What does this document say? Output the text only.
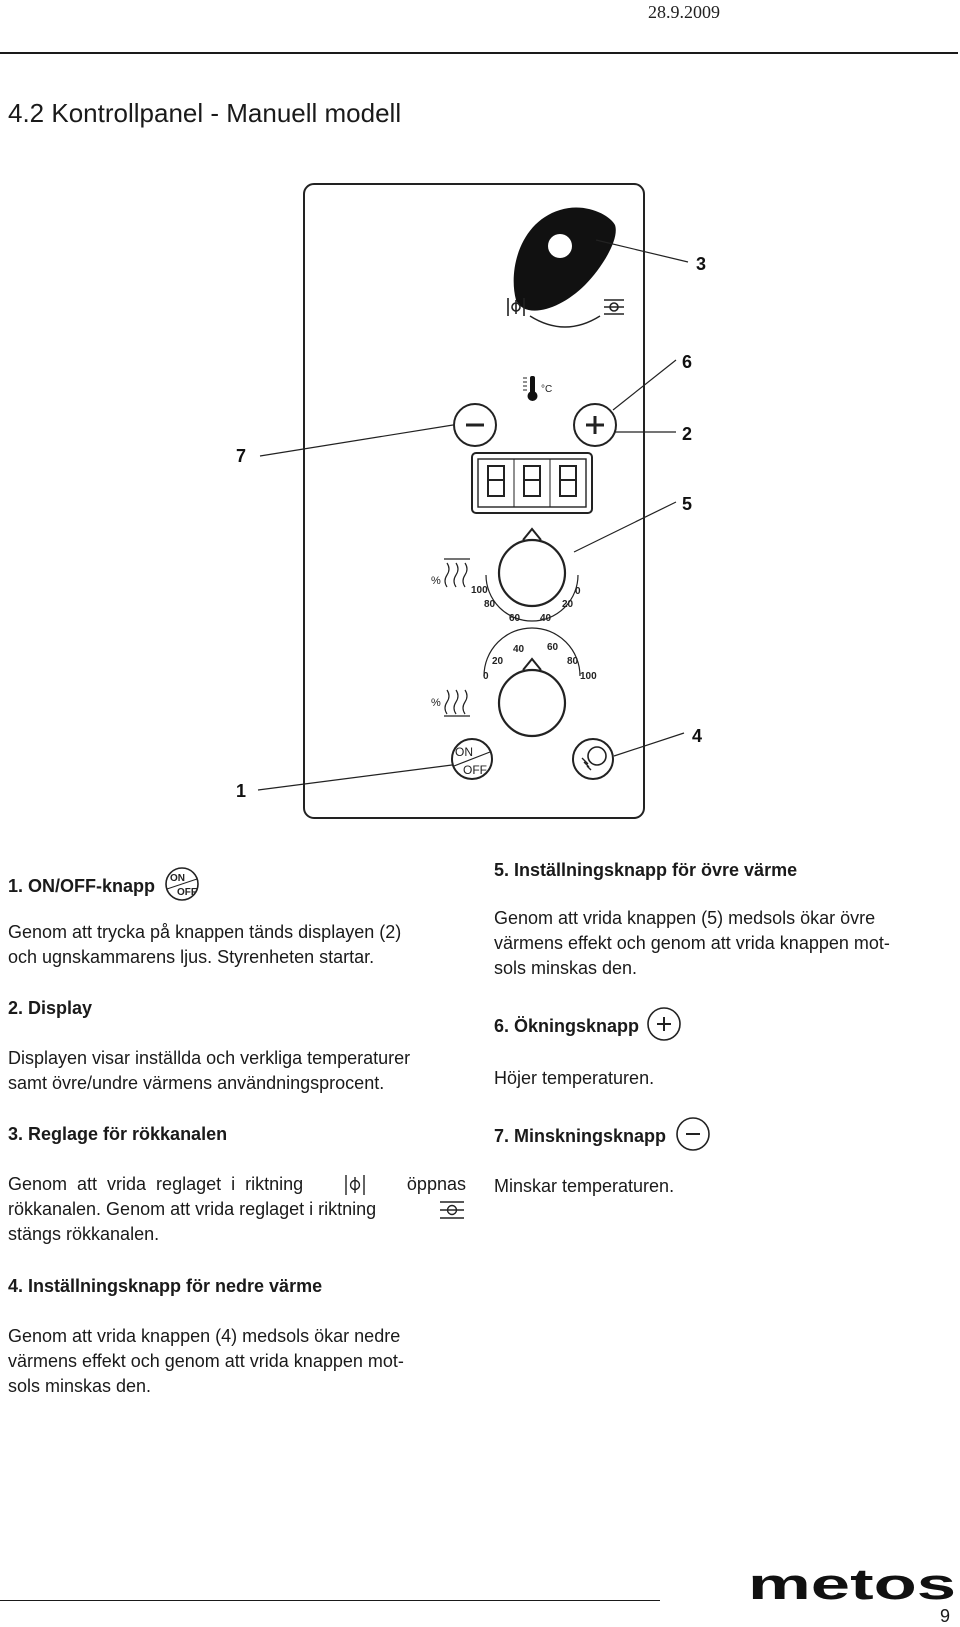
28.9.2009
4.2 Kontrollpanel - Manuell modell
°C
%
100
80
60 40
20
0
0
20
40 60
80
100
%
ON
OFF
3
6
2
5
7
4
1
1. ON/OFF-knapp ON
OFF
Genom att trycka på knappen tänds displayen (2)
och ugnskammarens ljus. Styrenheten startar.
2. Display
Displayen visar inställda och verkliga temperaturer
samt övre/undre värmens användningsprocent.
3. Reglage för rökkanalen
Genom att vrida reglaget i riktning	öppnas
rökkanalen. Genom att vrida reglaget i riktning
stängs rökkanalen.
4. Inställningsknapp för nedre värme
Genom att vrida knappen (4) medsols ökar nedre
värmens effekt och genom att vrida knappen mot-
sols minskas den.
5. Inställningsknapp för övre värme
Genom att vrida knappen (5) medsols ökar övre
värmens effekt och genom att vrida knappen mot-
sols minskas den.
6. Ökningsknapp
Höjer temperaturen.
7. Minskningsknapp
Minskar temperaturen.
metos
9
